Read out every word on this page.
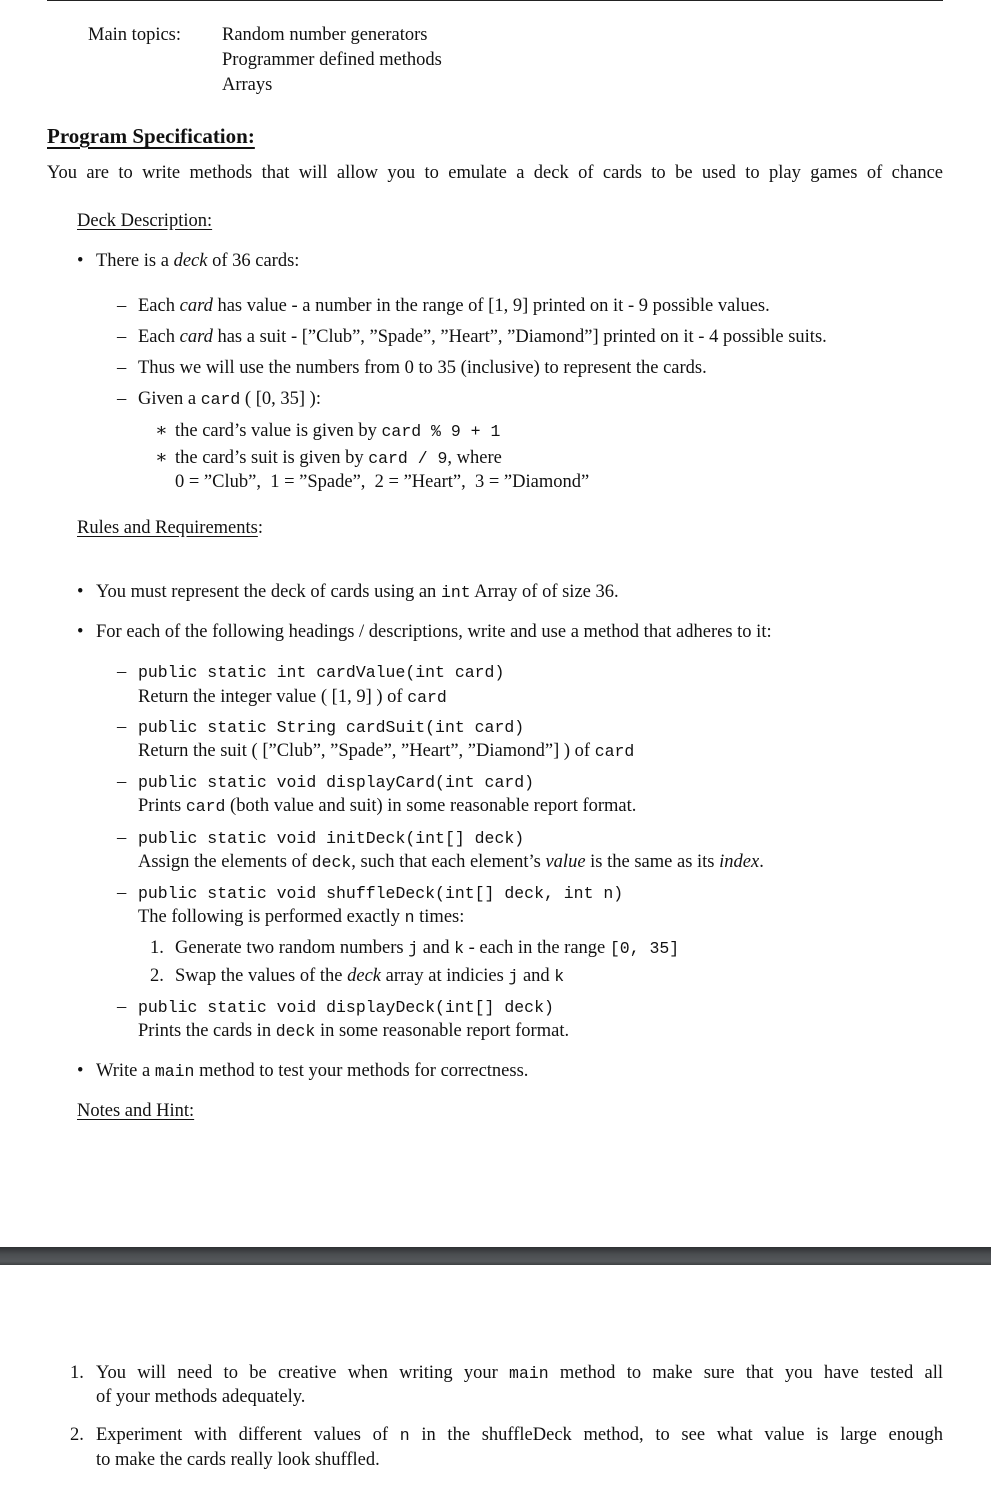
Main topics: Random number generators
Programmer defined methods
Arrays
Program Specification:
You are to write methods that will allow you to emulate a deck of cards to be used to play games of chance
Deck Description:
• There is a deck of 36 cards:
– Each card has value - a number in the range of [1, 9] printed on it - 9 possible values.
– Each card has a suit - [”Club”, ”Spade”, ”Heart”, ”Diamond”] printed on it - 4 possible suits.
– Thus we will use the numbers from 0 to 35 (inclusive) to represent the cards.
– Given a card ( [0, 35] ):
∗ the card’s value is given by card % 9 + 1
∗ the card’s suit is given by card / 9, where
0 = ”Club”,  1 = ”Spade”,  2 = ”Heart”,  3 = ”Diamond”
Rules and Requirements:
• You must represent the deck of cards using an int Array of of size 36.
• For each of the following headings / descriptions, write and use a method that adheres to it:
– public static int cardValue(int card)
Return the integer value ( [1, 9] ) of card
– public static String cardSuit(int card)
Return the suit ( [”Club”, ”Spade”, ”Heart”, ”Diamond”] ) of card
– public static void displayCard(int card)
Prints card (both value and suit) in some reasonable report format.
– public static void initDeck(int[] deck)
Assign the elements of deck, such that each element’s value is the same as its index.
– public static void shuffleDeck(int[] deck, int n)
The following is performed exactly n times:
1. Generate two random numbers j and k - each in the range [0, 35]
2. Swap the values of the deck array at indicies j and k
– public static void displayDeck(int[] deck)
Prints the cards in deck in some reasonable report format.
• Write a main method to test your methods for correctness.
Notes and Hint:
1. You will need to be creative when writing your main method to make sure that you have tested all
of your methods adequately.
2. Experiment with different values of n in the shuffleDeck method, to see what value is large enough
to make the cards really look shuffled.
